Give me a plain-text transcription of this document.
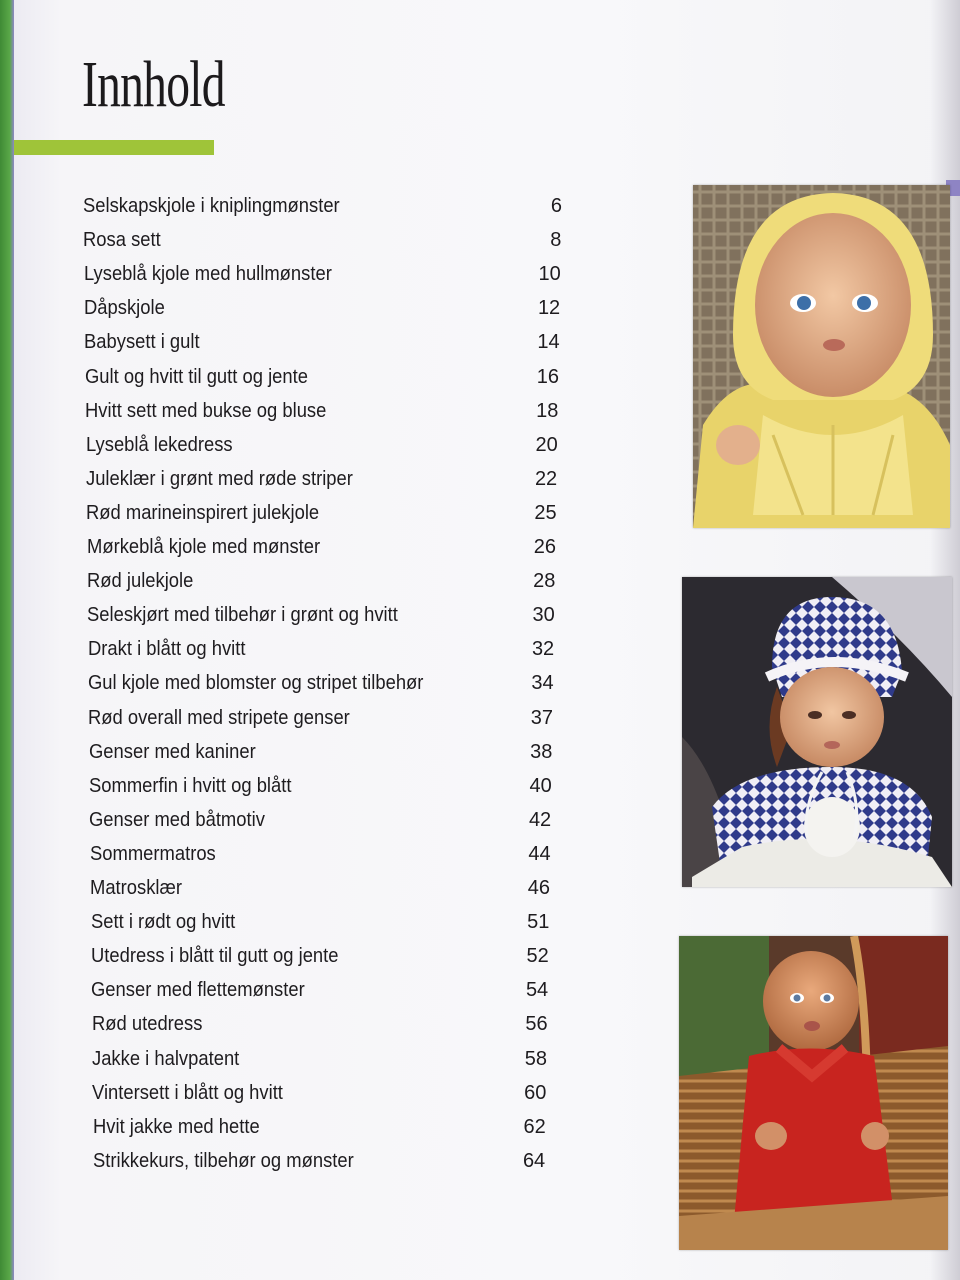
Innhold
Selskapskjole i kniplingmønster	6
Rosa sett	8
Lyseblå kjole med hullmønster	10
Dåpskjole	12
Babysett i gult	14
Gult og hvitt til gutt og jente	16
Hvitt sett med bukse og bluse	18
Lyseblå lekedress	20
Juleklær i grønt med røde striper	22
Rød marineinspirert julekjole	25
Mørkeblå kjole med mønster	26
Rød julekjole	28
Seleskjørt med tilbehør i grønt og hvitt	30
Drakt i blått og hvitt	32
Gul kjole med blomster og stripet tilbehør	34
Rød overall med stripete genser	37
Genser med kaniner	38
Sommerfin i hvitt og blått	40
Genser med båtmotiv	42
Sommermatros	44
Matrosklær	46
Sett i rødt og hvitt	51
Utedress i blått til gutt og jente	52
Genser med flettemønster	54
Rød utedress	56
Jakke i halvpatent	58
Vintersett i blått og hvitt	60
Hvit jakke med hette	62
Strikkekurs, tilbehør og mønster	64
